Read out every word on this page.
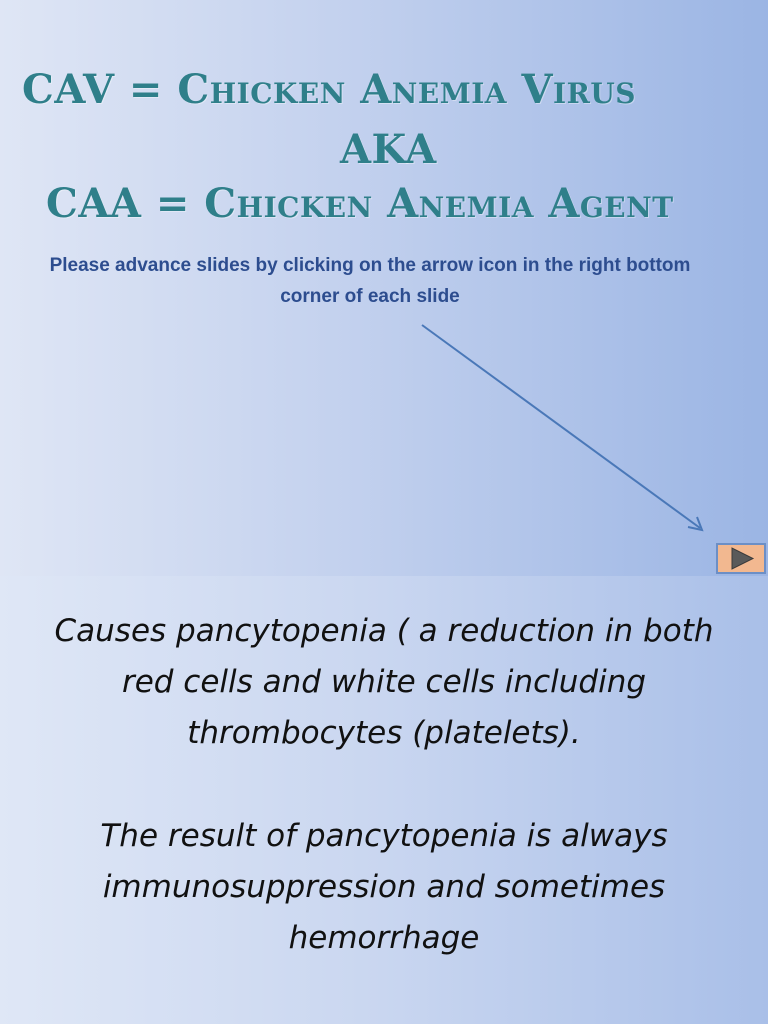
CAV = Chicken Anemia Virus
AKA
CAA = Chicken Anemia Agent
Please advance slides by clicking on the arrow icon in the right bottom corner of each slide
Causes pancytopenia ( a reduction in both red cells and white cells including thrombocytes (platelets).
The result of pancytopenia is always immunosuppression and sometimes hemorrhage
